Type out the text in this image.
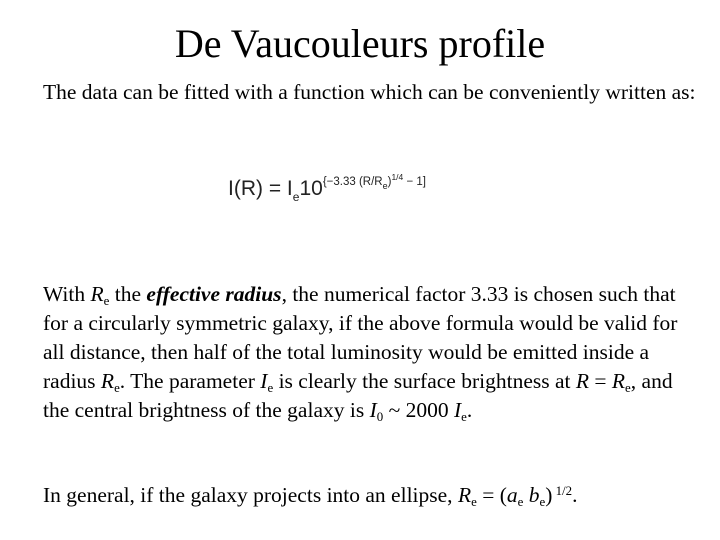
De Vaucouleurs profile

The data can be fitted with a function which can be conveniently written as:

$I(R) = I_e10^{\{-3.33 (R/Re)1/4}$ $^{- 1]}$

With $R_e$ the effective radius, the numerical factor 3.33 is chosen such that for a circularly symmetric galaxy, if the above formula would be valid for all distance, then half of the total luminosity would be emitted inside a radius $R_e$. The parameter $I_e$ is clearly the surface brightness at $R = R_e$, and the central brightness of the galaxy is $I_0$ ~ 2000 $I_e$.

In general, if the galaxy projects into an ellipse, $R_e = (a_e$ $b_e$) $^{1/2}$.
